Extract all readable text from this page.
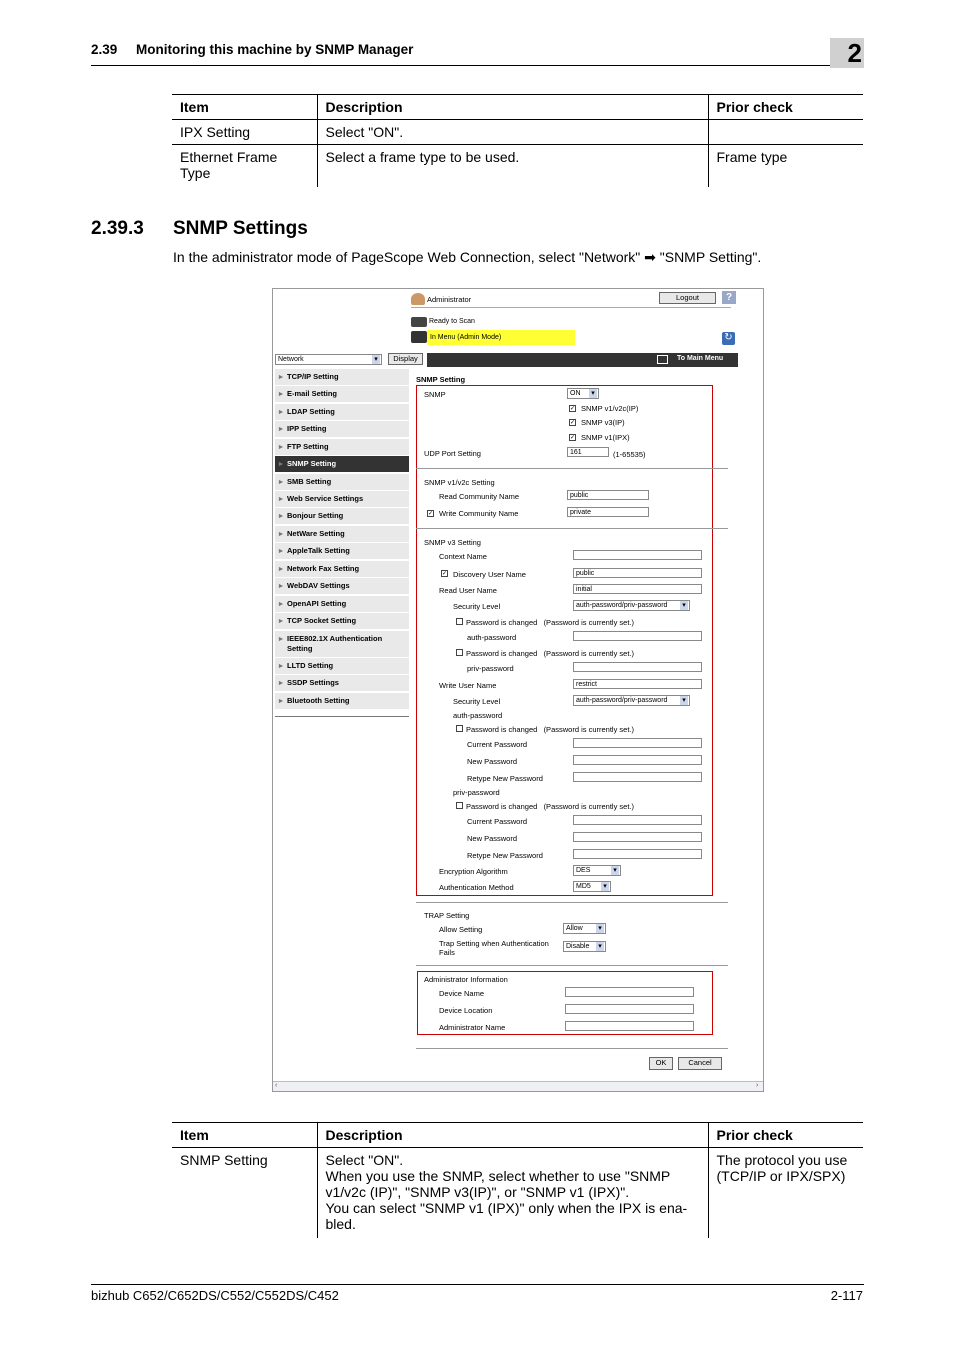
2.39 Monitoring this machine by SNMP Manager	2
Item	Description	Prior check
IPX Setting	Select "ON".	
Ethernet Frame Type	Select a frame type to be used.	Frame type
2.39.3 SNMP Settings
In the administrator mode of PageScope Web Connection, select "Network" ➡ "SNMP Setting".
Administrator	Logout	?
Ready to Scan
In Menu (Admin Mode)	↻
Network ▾	Display	To Main Menu
▸ TCP/IP Setting
▸ E-mail Setting
▸ LDAP Setting
▸ IPP Setting
▸ FTP Setting
▸ SNMP Setting
▸ SMB Setting
▸ Web Service Settings
▸ Bonjour Setting
▸ NetWare Setting
▸ AppleTalk Setting
▸ Network Fax Setting
▸ WebDAV Settings
▸ OpenAPI Setting
▸ TCP Socket Setting
▸ IEEE802.1X Authentication Setting
▸ LLTD Setting
▸ SSDP Settings
▸ Bluetooth Setting
SNMP Setting
SNMP	ON ▾
✓ SNMP v1/v2c(IP)
✓ SNMP v3(IP)
✓ SNMP v1(IPX)
UDP Port Setting	161	(1-65535)
SNMP v1/v2c Setting
Read Community Name	public
✓ Write Community Name	private
SNMP v3 Setting
Context Name
✓ Discovery User Name	public
Read User Name	initial
Security Level	auth-password/priv-password ▾
Password is changed (Password is currently set.)
auth-password
Password is changed (Password is currently set.)
priv-password
Write User Name	restrict
Security Level	auth-password/priv-password ▾
auth-password
Password is changed (Password is currently set.)
Current Password
New Password
Retype New Password
priv-password
Password is changed (Password is currently set.)
Current Password
New Password
Retype New Password
Encryption Algorithm	DES ▾
Authentication Method	MD5 ▾
TRAP Setting
Allow Setting	Allow ▾
Trap Setting when Authentication Fails
Disable ▾
Administrator Information
Device Name
Device Location
Administrator Name
OK	Cancel
‹	›
Item	Description	Prior check
SNMP Setting	Select "ON".
When you use the SNMP, select whether to use "SNMP v1/v2c (IP)", "SNMP v3(IP)", or "SNMP v1 (IPX)".
You can select "SNMP v1 (IPX)" only when the IPX is ena-bled.	The protocol you use (TCP/IP or IPX/SPX)
bizhub C652/C652DS/C552/C552DS/C452	2-117
